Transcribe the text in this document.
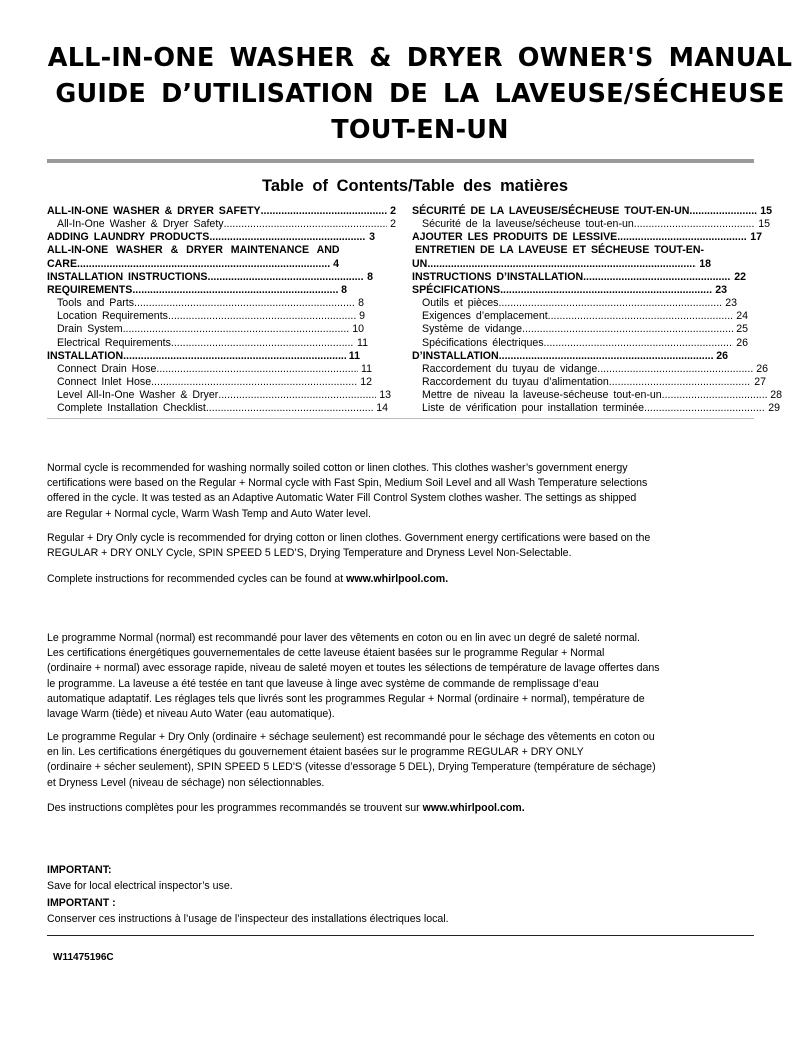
ALL-IN-ONE WASHER & DRYER OWNER'S MANUAL
GUIDE D’UTILISATION DE LA LAVEUSE/SÉCHEUSE
TOUT-EN-UN
Table of Contents/Table des matières
ALL-IN-ONE WASHER & DRYER SAFETY .....	2
All-In-One Washer & Dryer Safety .....	2
ADDING LAUNDRY PRODUCTS .....	3
ALL-IN-ONE WASHER & DRYER MAINTENANCE AND
CARE .....	4
INSTALLATION INSTRUCTIONS .....	8
REQUIREMENTS .....	8
Tools and Parts .....	8
Location Requirements .....	9
Drain System .....	10
Electrical Requirements .....	11
INSTALLATION .....	11
Connect Drain Hose .....	11
Connect Inlet Hose .....	12
Level All-In-One Washer & Dryer .....	13
Complete Installation Checklist .....	14
SÉCURITÉ DE LA LAVEUSE/SÉCHEUSE TOUT-EN-UN .....	15
Sécurité de la laveuse/sécheuse tout-en-un .....	15
AJOUTER LES PRODUITS DE LESSIVE .....	17
ENTRETIEN DE LA LAVEUSE ET SÉCHEUSE TOUT-EN-
UN .....	18
INSTRUCTIONS D’INSTALLATION .....	22
SPÉCIFICATIONS .....	23
Outils et pièces .....	23
Exigences d’emplacement .....	24
Système de vidange .....	25
Spécifications électriques .....	26
D’INSTALLATION .....	26
Raccordement du tuyau de vidange .....	26
Raccordement du tuyau d’alimentation .....	27
Mettre de niveau la laveuse-sécheuse tout-en-un .....	28
Liste de vérification pour installation terminée .....	29

Normal cycle is recommended for washing normally soiled cotton or linen clothes. This clothes washer’s government energy

certifications were based on the Regular + Normal cycle with Fast Spin, Medium Soil Level and all Wash Temperature selections

offered in the cycle. It was tested as an Adaptive Automatic Water Fill Control System clothes washer. The settings as shipped

are Regular + Normal cycle, Warm Wash Temp and Auto Water level.

Regular + Dry Only cycle is recommended for drying cotton or linen clothes. Government energy certifications were based on the

REGULAR + DRY ONLY Cycle, SPIN SPEED 5 LED’S, Drying Temperature and Dryness Level Non-Selectable.

Complete instructions for recommended cycles can be found at www.whirlpool.com.

Le programme Normal (normal) est recommandé pour laver des vêtements en coton ou en lin avec un degré de saleté normal.

Les certifications énergétiques gouvernementales de cette laveuse étaient basées sur le programme Regular + Normal

(ordinaire + normal) avec essorage rapide, niveau de saleté moyen et toutes les sélections de température de lavage offertes dans

le programme. La laveuse a été testée en tant que laveuse à linge avec système de commande de remplissage d’eau

automatique adaptatif. Les réglages tels que livrés sont les programmes Regular + Normal (ordinaire + normal), température de

lavage Warm (tiède) et niveau Auto Water (eau automatique).

Le programme Regular + Dry Only (ordinaire + séchage seulement) est recommandé pour le séchage des vêtements en coton ou

en lin. Les certifications énergétiques du gouvernement étaient basées sur le programme REGULAR + DRY ONLY

(ordinaire + sécher seulement), SPIN SPEED 5 LED'S (vitesse d’essorage 5 DEL), Drying Temperature (température de séchage)

et Dryness Level (niveau de séchage) non sélectionnables.

Des instructions complètes pour les programmes recommandés se trouvent sur www.whirlpool.com.

IMPORTANT:

Save for local electrical inspector’s use.

IMPORTANT :

Conserver ces instructions à l’usage de l’inspecteur des installations électriques local.

W11475196C
